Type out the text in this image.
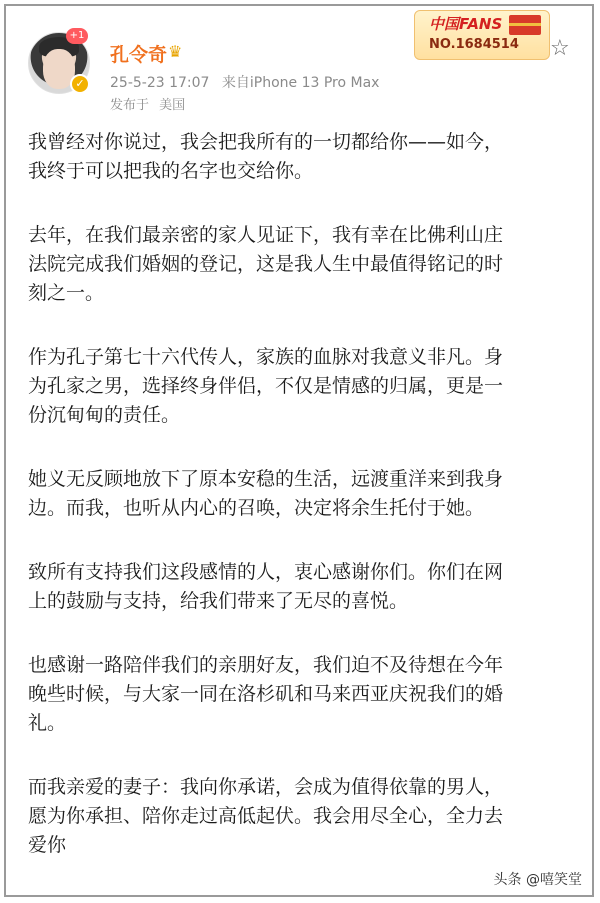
+1
✓
孔令奇 ♛
25-5-23 17:07 来自iPhone 13 Pro Max
发布于 美国
中国FANS
NO.1684514 ☆

我曾经对你说过，我会把我所有的一切都给你——如今，
我终于可以把我的名字也交给你。

去年，在我们最亲密的家人见证下，我有幸在比佛利山庄
法院完成我们婚姻的登记，这是我人生中最值得铭记的时
刻之一。

作为孔子第七十六代传人，家族的血脉对我意义非凡。身
为孔家之男，选择终身伴侣，不仅是情感的归属，更是一
份沉甸甸的责任。

她义无反顾地放下了原本安稳的生活，远渡重洋来到我身
边。而我，也听从内心的召唤，决定将余生托付于她。

致所有支持我们这段感情的人，衷心感谢你们。你们在网
上的鼓励与支持，给我们带来了无尽的喜悦。

也感谢一路陪伴我们的亲朋好友，我们迫不及待想在今年
晚些时候，与大家一同在洛杉矶和马来西亚庆祝我们的婚
礼。

而我亲爱的妻子：我向你承诺，会成为值得依靠的男人，
愿为你承担、陪你走过高低起伏。我会用尽全心，全力去
爱你

头条 @嘻笑堂
